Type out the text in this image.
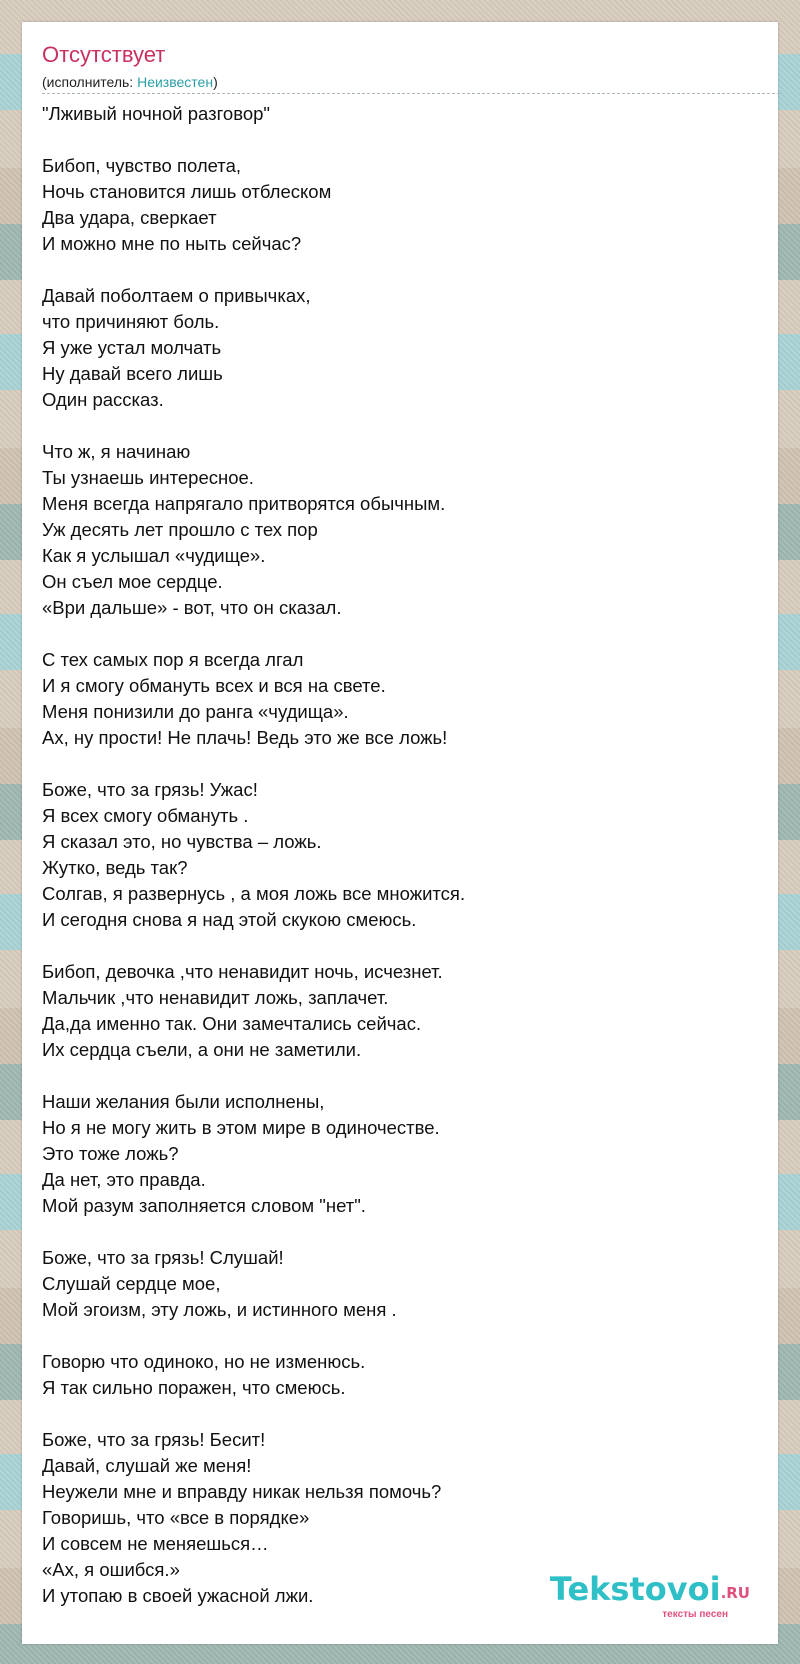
Отсутствует
(исполнитель: Неизвестен)
"Лживый ночной разговор"

Бибоп, чувство полета,
Ночь становится лишь отблеском
Два удара, сверкает
И можно мне по ныть сейчас?

Давай поболтаем о привычках,
что причиняют боль.
Я уже устал молчать
Ну давай всего лишь
Один рассказ.

Что ж, я начинаю
Ты узнаешь интересное.
Меня всегда напрягало притворятся обычным.
Уж десять лет прошло с тех пор
Как я услышал «чудище».
Он съел мое сердце.
«Ври дальше» - вот, что он сказал.

С тех самых пор я всегда лгал
И я смогу обмануть всех и вся на свете.
Меня понизили до ранга «чудища».
Ах, ну прости! Не плачь! Ведь это же все ложь!

Боже, что за грязь! Ужас!
Я всех смогу обмануть .
Я сказал это, но чувства – ложь.
Жутко, ведь так?
Солгав, я развернусь , а моя ложь все множится.
И сегодня снова я над этой скукою смеюсь.

Бибоп, девочка ,что ненавидит ночь, исчезнет.
Мальчик ,что ненавидит ложь, заплачет.
Да,да именно так. Они замечтались сейчас.
Их сердца съели, а они не заметили.

Наши желания были исполнены,
Но я не могу жить в этом мире в одиночестве.
Это тоже ложь?
Да нет, это правда.
Мой разум заполняется словом "нет".

Боже, что за грязь! Слушай!
Слушай сердце мое,
Мой эгоизм, эту ложь, и истинного меня .

Говорю что одиноко, но не изменюсь.
Я так сильно поражен, что смеюсь.

Боже, что за грязь! Бесит!
Давай, слушай же меня!
Неужели мне и вправду никак нельзя помочь?
Говоришь, что «все в порядке»
И совсем не меняешься…
«Ах, я ошибся.»
И утопаю в своей ужасной лжи.	Tekstovoi.RU
тексты песен
